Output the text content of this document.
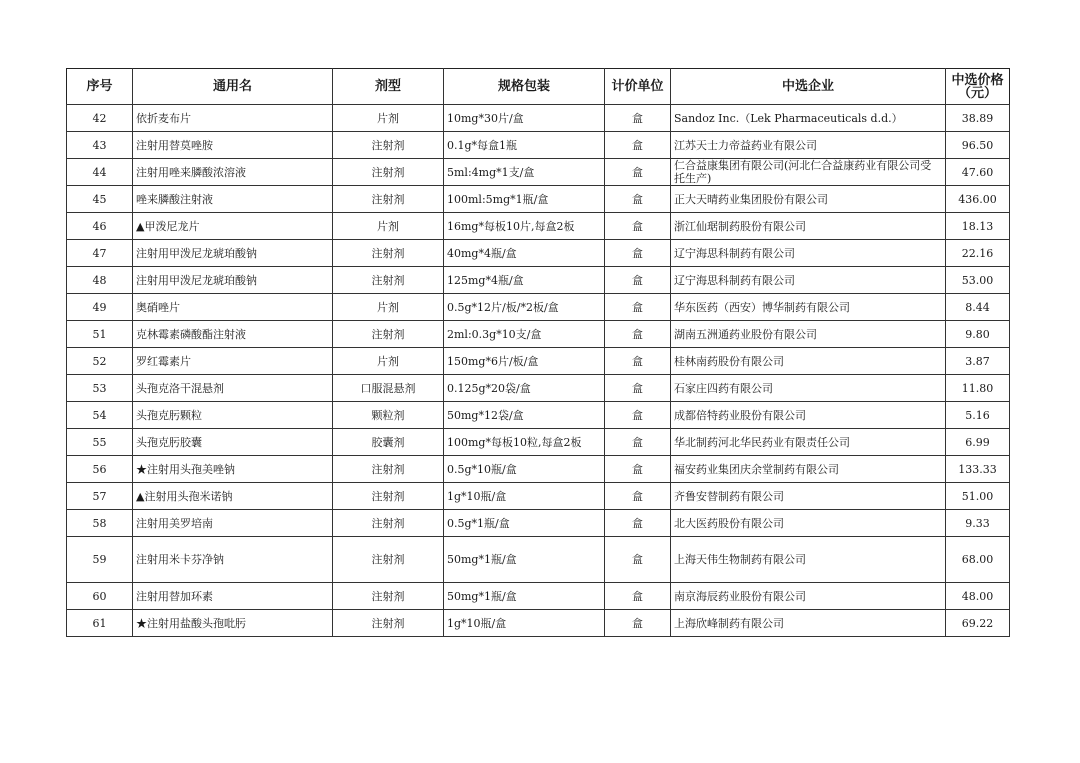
序号	通用名	剂型	规格包装	计价单位	中选企业	中选价格（元）
42	依折麦布片	片剂	10mg*30片/盒	盒	Sandoz Inc.（Lek Pharmaceuticals d.d.）	38.89
43	注射用替莫唑胺	注射剂	0.1g*每盒1瓶	盒	江苏天士力帝益药业有限公司	96.50
44	注射用唑来膦酸浓溶液	注射剂	5ml:4mg*1支/盒	盒	仁合益康集团有限公司(河北仁合益康药业有限公司受托生产)	47.60
45	唑来膦酸注射液	注射剂	100ml:5mg*1瓶/盒	盒	正大天晴药业集团股份有限公司	436.00
46	▲甲泼尼龙片	片剂	16mg*每板10片,每盒2板	盒	浙江仙琚制药股份有限公司	18.13
47	注射用甲泼尼龙琥珀酸钠	注射剂	40mg*4瓶/盒	盒	辽宁海思科制药有限公司	22.16
48	注射用甲泼尼龙琥珀酸钠	注射剂	125mg*4瓶/盒	盒	辽宁海思科制药有限公司	53.00
49	奥硝唑片	片剂	0.5g*12片/板/*2板/盒	盒	华东医药（西安）博华制药有限公司	8.44
51	克林霉素磷酸酯注射液	注射剂	2ml:0.3g*10支/盒	盒	湖南五洲通药业股份有限公司	9.80
52	罗红霉素片	片剂	150mg*6片/板/盒	盒	桂林南药股份有限公司	3.87
53	头孢克洛干混悬剂	口服混悬剂	0.125g*20袋/盒	盒	石家庄四药有限公司	11.80
54	头孢克肟颗粒	颗粒剂	50mg*12袋/盒	盒	成都倍特药业股份有限公司	5.16
55	头孢克肟胶囊	胶囊剂	100mg*每板10粒,每盒2板	盒	华北制药河北华民药业有限责任公司	6.99
56	★注射用头孢美唑钠	注射剂	0.5g*10瓶/盒	盒	福安药业集团庆余堂制药有限公司	133.33
57	▲注射用头孢米诺钠	注射剂	1g*10瓶/盒	盒	齐鲁安替制药有限公司	51.00
58	注射用美罗培南	注射剂	0.5g*1瓶/盒	盒	北大医药股份有限公司	9.33
59	注射用米卡芬净钠	注射剂	50mg*1瓶/盒	盒	上海天伟生物制药有限公司	68.00
60	注射用替加环素	注射剂	50mg*1瓶/盒	盒	南京海辰药业股份有限公司	48.00
61	★注射用盐酸头孢吡肟	注射剂	1g*10瓶/盒	盒	上海欣峰制药有限公司	69.22
